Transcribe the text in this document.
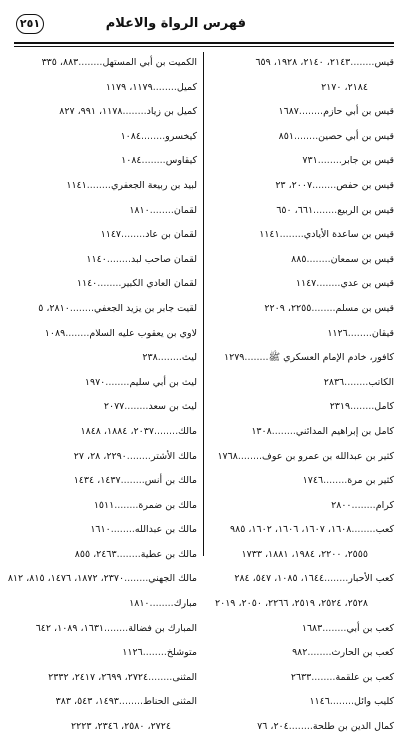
فهرس الرواة والاعلام
٢٥١
قيس........٢١٤٣، ٢١٤٠، ١٩٢٨، ٦٥٩
٢١٨٤، ٢١٧٠
قيس بن أبي حازم........١٦٨٧
قيس بن أبي حصين........٨٥١
قيس بن جابر........٧٣١
قيس بن حفص........٢٠٠٧، ٢٣
قيس بن الربيع........٦٦١، ٦٥٠
قيس بن ساعدة الأيادي........١١٤١
قيس بن سمعان........٨٨٥
قيس بن عدي........١١٤٧
قيس بن مسلم........٢٢٥٥، ٢٢٠٩
قيقان........١١٢٦
كافور، خادم الإمام العسكري ﷺ........١٢٧٩
الكاتب........٢٨٣٦
كامل........٢٣١٩
كامل بن إبراهيم المدائني........١٣٠٨
كثير بن عبدالله بن عمرو بن عوف........١٧٦٨
كثير بن مرة........١٧٤٦
كرام........٢٨٠٠
كعب........١٦٠٨، ١٦٠٧، ١٦٠٦، ١٦٠٢، ٩٨٥
٢٥٥٥، ٢٢٠٠، ١٩٨٤، ١٨٨١، ١٧٣٣
كعب الأحبار........١٦٤٤، ١٠٨٥، ٥٤٧، ٢٨٤
٢٥٢٨، ٢٥٢٤، ٢٥١٩، ٢٢٦٦، ٢٠٥٠، ٢٠١٩
كعب بن أبي........١٦٨٣
كعب بن الحارث........٩٨٢
كعب بن علقمة........٢٦٣٣
كليب وائل........١١٤٦
كمال الدين بن طلحة........٢٠٤، ٧٦
الكميت بن أبي المستهل........٨٨٣، ٣٣٥
كميل........١١٧٩، ١١٧٩
كميل بن زياد........١١٧٨، ٩٩١، ٨٢٧
كيخسرو........١٠٨٤
كيقاوس........١٠٨٤
لبيد بن ربيعة الجعفري........١١٤١
لقمان........١٨١٠
لقمان بن عاد........١١٤٧
لقمان صاحب لبد........١١٤٠
لقمان العادي الكبير........١١٤٠
لقيت جابر بن يزيد الجعفي........٢٨١٠، ٥
لاوي بن يعقوب عليه السلام........١٠٨٩
ليث........٢٣٨
ليث بن أبي سليم........١٩٧٠
ليث بن سعد........٢٠٧٧
مالك........٢٠٣٧، ١٨٨٤، ١٨٤٨
مالك الأشتر........٢٢٩٠، ٢٨، ٢٧
مالك بن أنس........١٤٣٧، ١٤٣٤
مالك بن ضمرة........١٥١١
مالك بن عبدالله........١٦١٠
مالك بن عطية........٢٤٦٣، ٨٥٥
مالك الجهني........٢٣٧٠، ١٨٧٢، ١٤٧٦، ٨١٥، ٨١٢
مبارك........١٨١٠
المبارك بن فضالة........١٦٣١، ١٠٨٩، ٦٤٢
متوشلخ........١١٢٦
المثنى........٢٧٢٤، ٢٦٩٩، ٢٤١٧، ٢٣٣٢
المثنى الحناط........١٤٩٣، ٥٤٣، ٣٨٣
٢٧٢٤، ٢٥٨٠، ٢٣٤٦، ٢٢٢٣
